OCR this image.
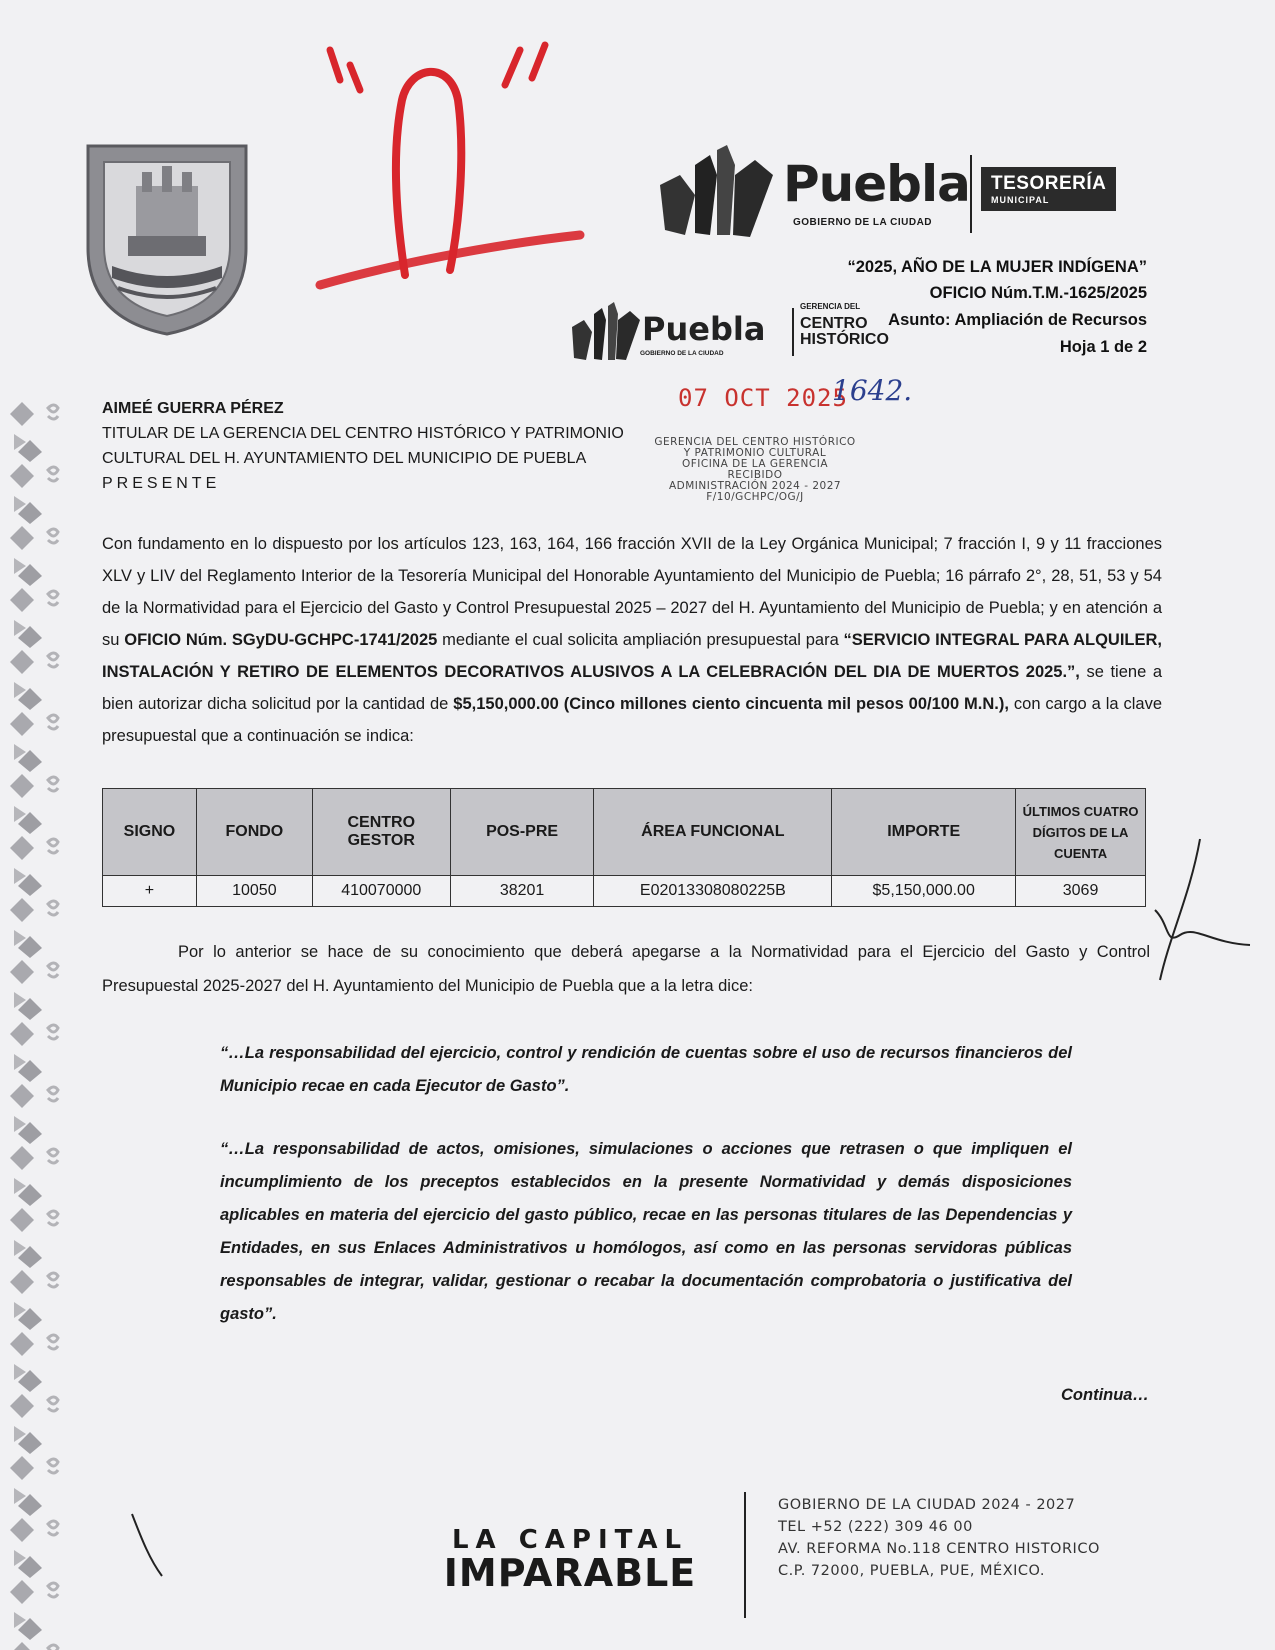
Puebla
GOBIERNO DE LA CIUDAD
TESORERÍA
MUNICIPAL
“2025, AÑO DE LA MUJER INDÍGENA”
OFICIO Núm.T.M.-1625/2025
Asunto: Ampliación de Recursos
Hoja 1 de 2
Puebla
GOBIERNO DE LA CIUDAD
GERENCIA DEL
CENTRO HISTÓRICO
07 OCT 2025
1642.
GERENCIA DEL CENTRO HISTÓRICO
Y PATRIMONIO CULTURAL
OFICINA DE LA GERENCIA
RECIBIDO
ADMINISTRACIÓN 2024 - 2027
F/10/GCHPC/OG/J
AIMEÉ GUERRA PÉREZ
TITULAR DE LA GERENCIA DEL CENTRO HISTÓRICO Y PATRIMONIO
CULTURAL DEL H. AYUNTAMIENTO DEL MUNICIPIO DE PUEBLA
PRESENTE
Con fundamento en lo dispuesto por los artículos 123, 163, 164, 166 fracción XVII de la Ley Orgánica Municipal; 7 fracción I, 9 y 11 fracciones XLV y LIV del Reglamento Interior de la Tesorería Municipal del Honorable Ayuntamiento del Municipio de Puebla; 16 párrafo 2°, 28, 51, 53 y 54 de la Normatividad para el Ejercicio del Gasto y Control Presupuestal 2025 – 2027 del H. Ayuntamiento del Municipio de Puebla; y en atención a su OFICIO Núm. SGyDU-GCHPC-1741/2025 mediante el cual solicita ampliación presupuestal para “SERVICIO INTEGRAL PARA ALQUILER, INSTALACIÓN Y RETIRO DE ELEMENTOS DECORATIVOS ALUSIVOS A LA CELEBRACIÓN DEL DIA DE MUERTOS 2025.”, se tiene a bien autorizar dicha solicitud por la cantidad de $5,150,000.00 (Cinco millones ciento cincuenta mil pesos 00/100 M.N.), con cargo a la clave presupuestal que a continuación se indica:
SIGNO	FONDO	CENTRO GESTOR	POS-PRE	ÁREA FUNCIONAL	IMPORTE	ÚLTIMOS CUATRO DÍGITOS DE LA CUENTA
+	10050	410070000	38201	E02013308080225B	$5,150,000.00	3069
Por lo anterior se hace de su conocimiento que deberá apegarse a la Normatividad para el Ejercicio del Gasto y Control Presupuestal 2025-2027 del H. Ayuntamiento del Municipio de Puebla que a la letra dice:
“…La responsabilidad del ejercicio, control y rendición de cuentas sobre el uso de recursos financieros del Municipio recae en cada Ejecutor de Gasto”.
“…La responsabilidad de actos, omisiones, simulaciones o acciones que retrasen o que impliquen el incumplimiento de los preceptos establecidos en la presente Normatividad y demás disposiciones aplicables en materia del ejercicio del gasto público, recae en las personas titulares de las Dependencias y Entidades, en sus Enlaces Administrativos u homólogos, así como en las personas servidoras públicas responsables de integrar, validar, gestionar o recabar la documentación comprobatoria o justificativa del gasto”.
Continua…
LA CAPITAL
IMPARABLE
GOBIERNO DE LA CIUDAD 2024 - 2027
TEL +52 (222) 309 46 00
AV. REFORMA No.118 CENTRO HISTORICO
C.P. 72000, PUEBLA, PUE, MÉXICO.
